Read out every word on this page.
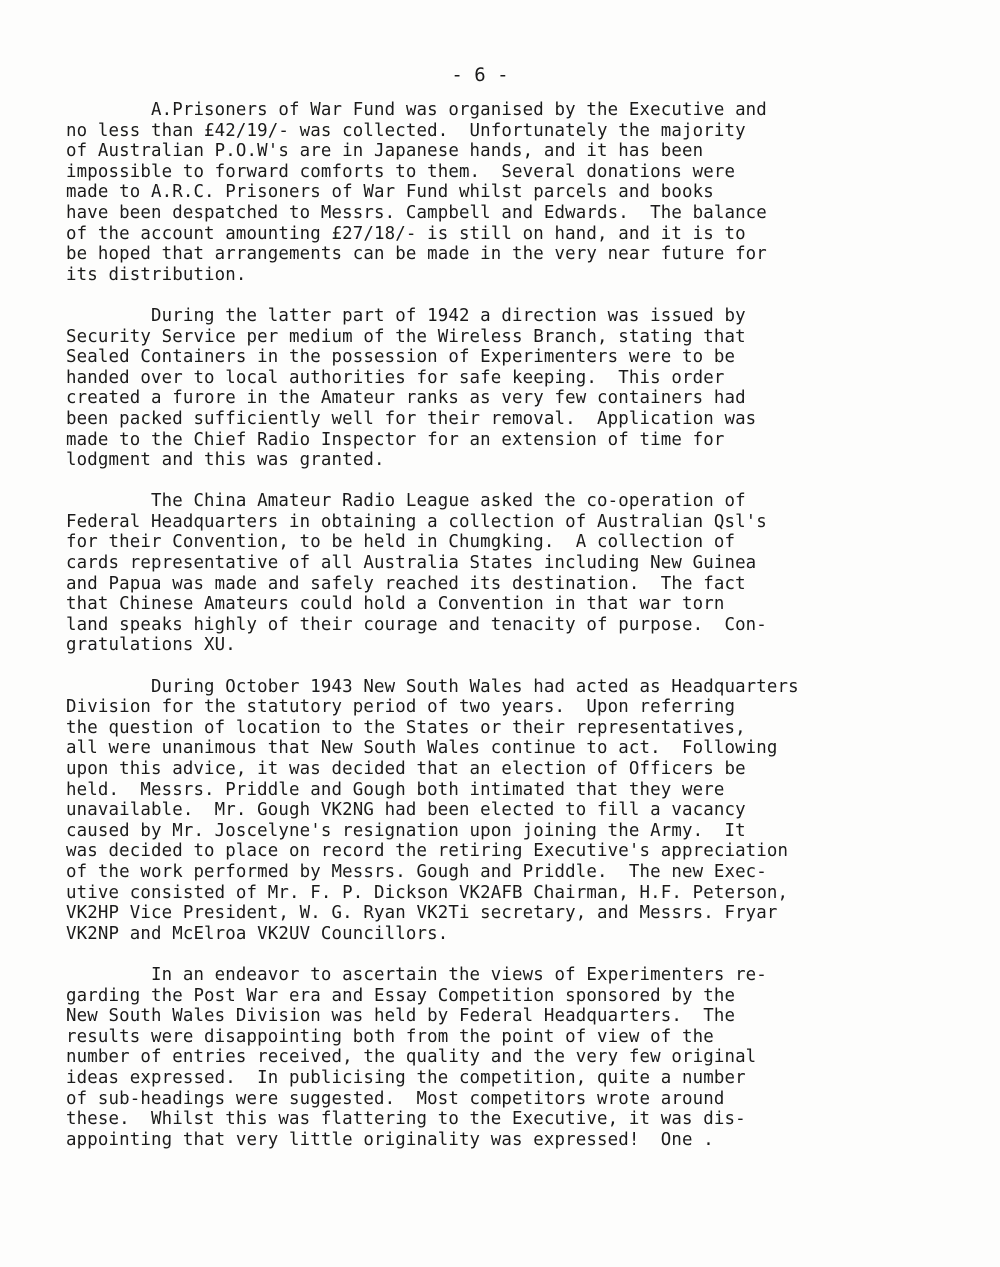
- 6 -
A.Prisoners of War Fund was organised by the Executive and
no less than £42/19/- was collected.  Unfortunately the majority
of Australian P.O.W's are in Japanese hands, and it has been
impossible to forward comforts to them.  Several donations were
made to A.R.C. Prisoners of War Fund whilst parcels and books
have been despatched to Messrs. Campbell and Edwards.  The balance
of the account amounting £27/18/- is still on hand, and it is to
be hoped that arrangements can be made in the very near future for
its distribution.
During the latter part of 1942 a direction was issued by
Security Service per medium of the Wireless Branch, stating that
Sealed Containers in the possession of Experimenters were to be
handed over to local authorities for safe keeping.  This order
created a furore in the Amateur ranks as very few containers had
been packed sufficiently well for their removal.  Application was
made to the Chief Radio Inspector for an extension of time for
lodgment and this was granted.
The China Amateur Radio League asked the co-operation of
Federal Headquarters in obtaining a collection of Australian Qsl's
for their Convention, to be held in Chumgking.  A collection of
cards representative of all Australia States including New Guinea
and Papua was made and safely reached its destination.  The fact
that Chinese Amateurs could hold a Convention in that war torn
land speaks highly of their courage and tenacity of purpose.  Con-
gratulations XU.
During October 1943 New South Wales had acted as Headquarters
Division for the statutory period of two years.  Upon referring
the question of location to the States or their representatives,
all were unanimous that New South Wales continue to act.  Following
upon this advice, it was decided that an election of Officers be
held.  Messrs. Priddle and Gough both intimated that they were
unavailable.  Mr. Gough VK2NG had been elected to fill a vacancy
caused by Mr. Joscelyne's resignation upon joining the Army.  It
was decided to place on record the retiring Executive's appreciation
of the work performed by Messrs. Gough and Priddle.  The new Exec-
utive consisted of Mr. F. P. Dickson VK2AFB Chairman, H.F. Peterson,
VK2HP Vice President, W. G. Ryan VK2Ti secretary, and Messrs. Fryar
VK2NP and McElroa VK2UV Councillors.
In an endeavor to ascertain the views of Experimenters re-
garding the Post War era and Essay Competition sponsored by the
New South Wales Division was held by Federal Headquarters.  The
results were disappointing both from the point of view of the
number of entries received, the quality and the very few original
ideas expressed.  In publicising the competition, quite a number
of sub-headings were suggested.  Most competitors wrote around
these.  Whilst this was flattering to the Executive, it was dis-
appointing that very little originality was expressed!  One .
